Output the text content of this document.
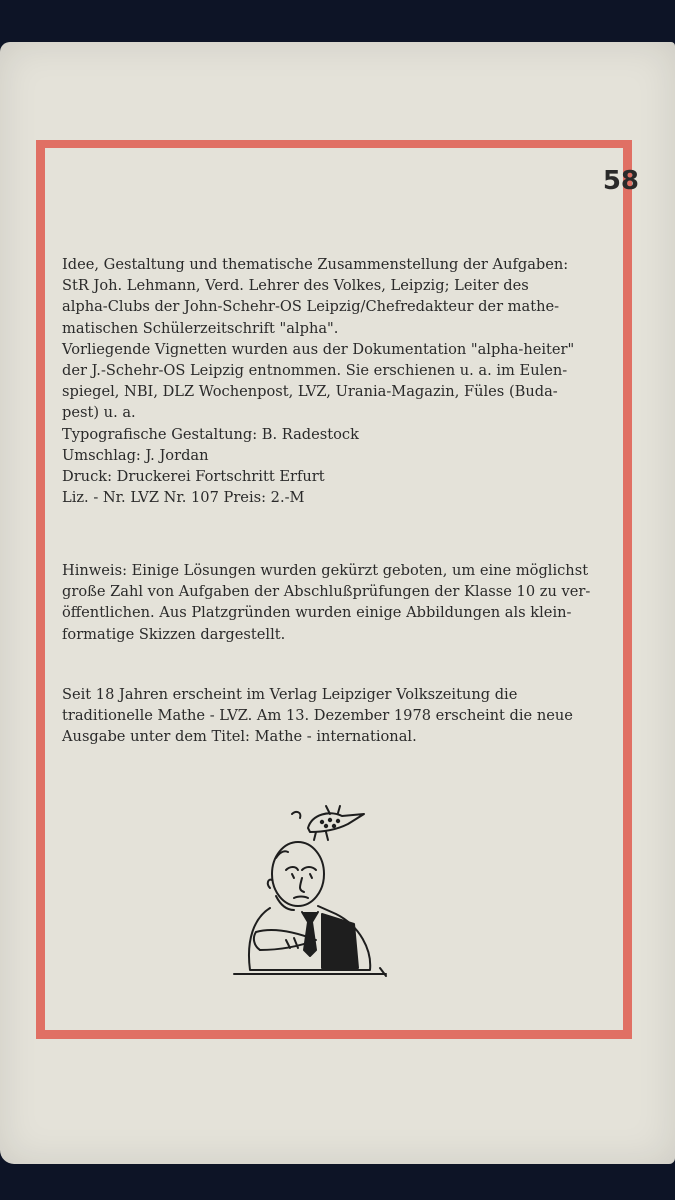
58
Idee, Gestaltung und thematische Zusammenstellung der Aufgaben:
StR Joh. Lehmann, Verd. Lehrer des Volkes, Leipzig; Leiter des
alpha-Clubs der John-Schehr-OS Leipzig/Chefredakteur der mathe-
matischen Schülerzeitschrift "alpha".
Vorliegende Vignetten wurden aus der Dokumentation "alpha-heiter"
der J.-Schehr-OS Leipzig entnommen. Sie erschienen u. a. im Eulen-
spiegel, NBI, DLZ Wochenpost, LVZ, Urania-Magazin, Füles (Buda-
pest) u. a.
Typografische Gestaltung: B. Radestock
Umschlag: J. Jordan
Druck: Druckerei Fortschritt Erfurt
Liz. - Nr. LVZ Nr. 107 Preis: 2.-M
Hinweis: Einige Lösungen wurden gekürzt geboten, um eine möglichst
große Zahl von Aufgaben der Abschlußprüfungen der Klasse 10 zu ver-
öffentlichen. Aus Platzgründen wurden einige Abbildungen als klein-
formatige Skizzen dargestellt.
Seit 18 Jahren erscheint im Verlag Leipziger Volkszeitung die
traditionelle Mathe - LVZ. Am 13. Dezember 1978 erscheint die neue
Ausgabe unter dem Titel: Mathe - international.
